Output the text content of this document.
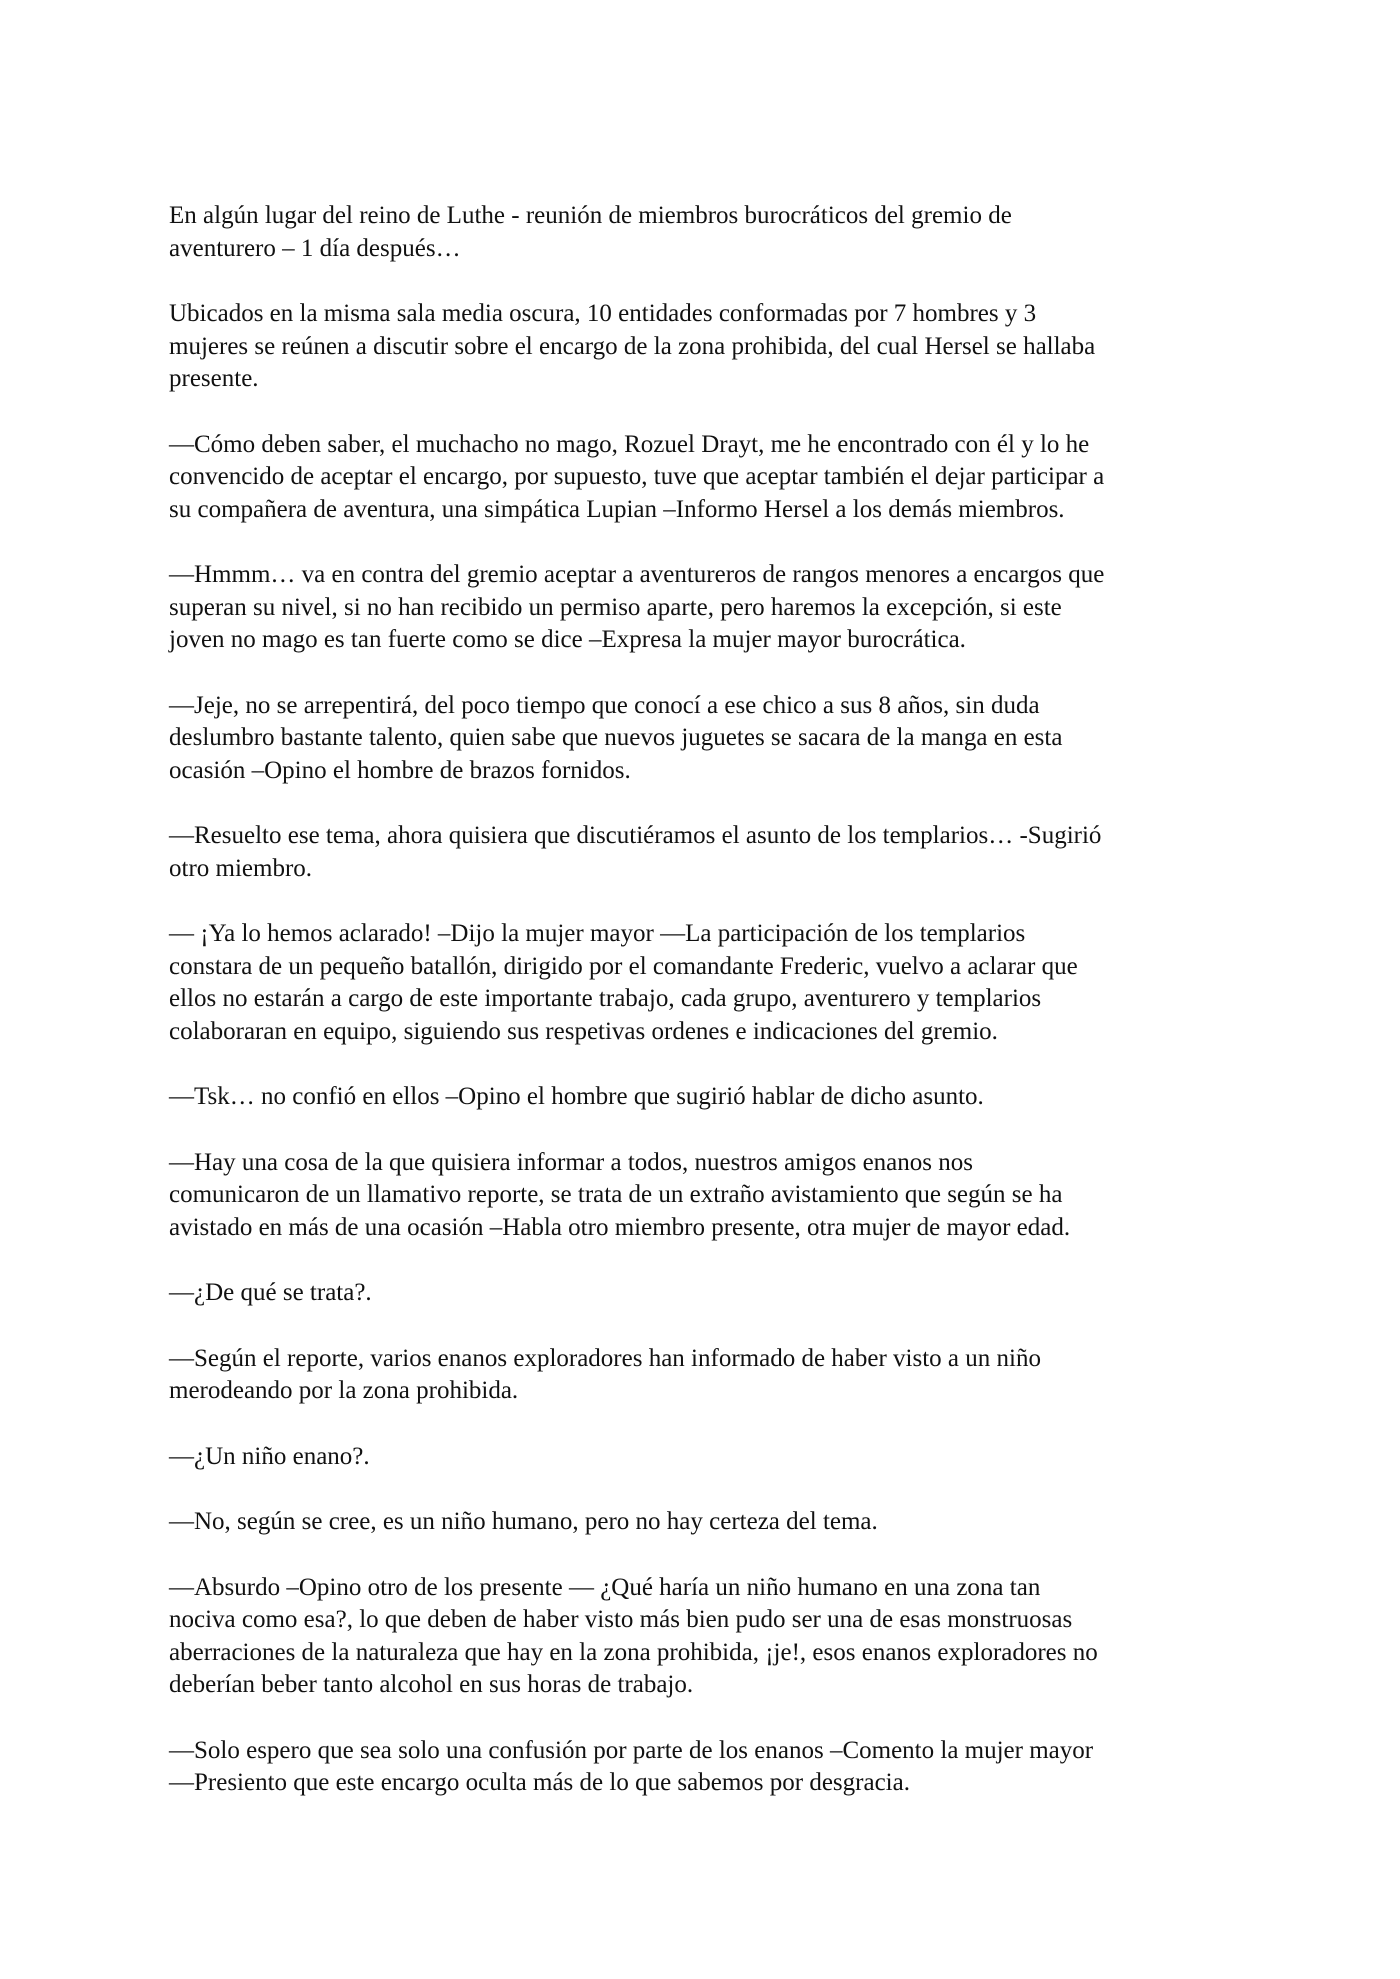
En algún lugar del reino de Luthe - reunión de miembros burocráticos del gremio de
aventurero – 1 día después…

Ubicados en la misma sala media oscura, 10 entidades conformadas por 7 hombres y 3
mujeres se reúnen a discutir sobre el encargo de la zona prohibida, del cual Hersel se hallaba
presente.

—Cómo deben saber, el muchacho no mago, Rozuel Drayt, me he encontrado con él y lo he
convencido de aceptar el encargo, por supuesto, tuve que aceptar también el dejar participar a
su compañera de aventura, una simpática Lupian –Informo Hersel a los demás miembros.

—Hmmm… va en contra del gremio aceptar a aventureros de rangos menores a encargos que
superan su nivel, si no han recibido un permiso aparte, pero haremos la excepción, si este
joven no mago es tan fuerte como se dice –Expresa la mujer mayor burocrática.

—Jeje, no se arrepentirá, del poco tiempo que conocí a ese chico a sus 8 años, sin duda
deslumbro bastante talento, quien sabe que nuevos juguetes se sacara de la manga en esta
ocasión –Opino el hombre de brazos fornidos.

—Resuelto ese tema, ahora quisiera que discutiéramos el asunto de los templarios… -Sugirió
otro miembro.

— ¡Ya lo hemos aclarado! –Dijo la mujer mayor —La participación de los templarios
constara de un pequeño batallón, dirigido por el comandante Frederic, vuelvo a aclarar que
ellos no estarán a cargo de este importante trabajo, cada grupo, aventurero y templarios
colaboraran en equipo, siguiendo sus respetivas ordenes e indicaciones del gremio.

—Tsk… no confió en ellos –Opino el hombre que sugirió hablar de dicho asunto.

—Hay una cosa de la que quisiera informar a todos, nuestros amigos enanos nos
comunicaron de un llamativo reporte, se trata de un extraño avistamiento que según se ha
avistado en más de una ocasión –Habla otro miembro presente, otra mujer de mayor edad.

—¿De qué se trata?.

—Según el reporte, varios enanos exploradores han informado de haber visto a un niño
merodeando por la zona prohibida.

—¿Un niño enano?.

—No, según se cree, es un niño humano, pero no hay certeza del tema.

—Absurdo –Opino otro de los presente — ¿Qué haría un niño humano en una zona tan
nociva como esa?, lo que deben de haber visto más bien pudo ser una de esas monstruosas
aberraciones de la naturaleza que hay en la zona prohibida, ¡je!, esos enanos exploradores no
deberían beber tanto alcohol en sus horas de trabajo.

—Solo espero que sea solo una confusión por parte de los enanos –Comento la mujer mayor
—Presiento que este encargo oculta más de lo que sabemos por desgracia.
